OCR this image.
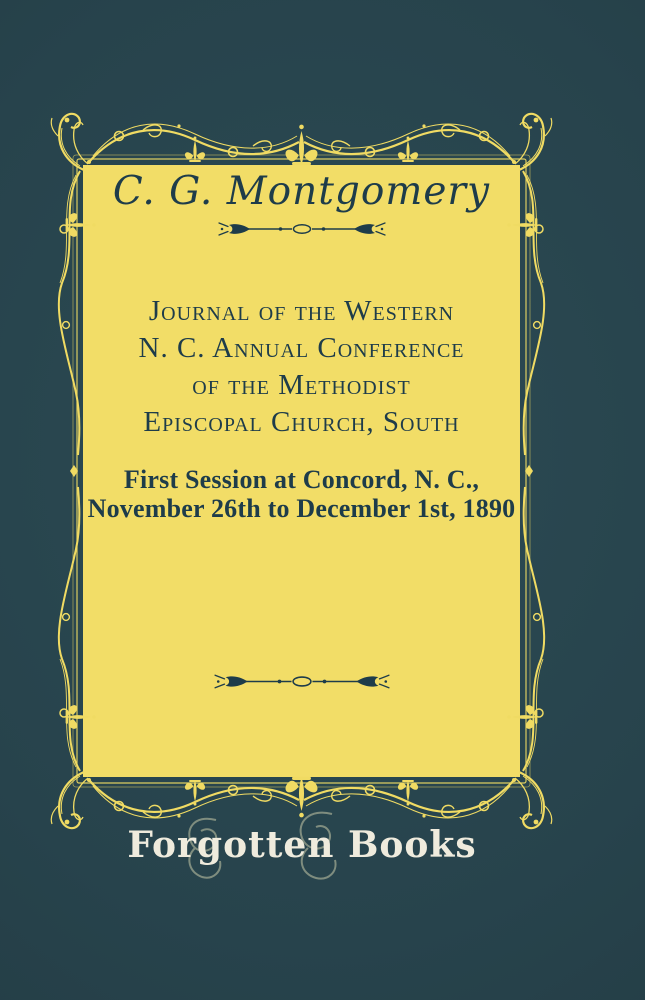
C. G. Montgomery
Journal of the Western
N. C. Annual Conference
of the Methodist
Episcopal Church, South
First Session at Concord, N. C.,
November 26th to December 1st, 1890
Forgotten Books
